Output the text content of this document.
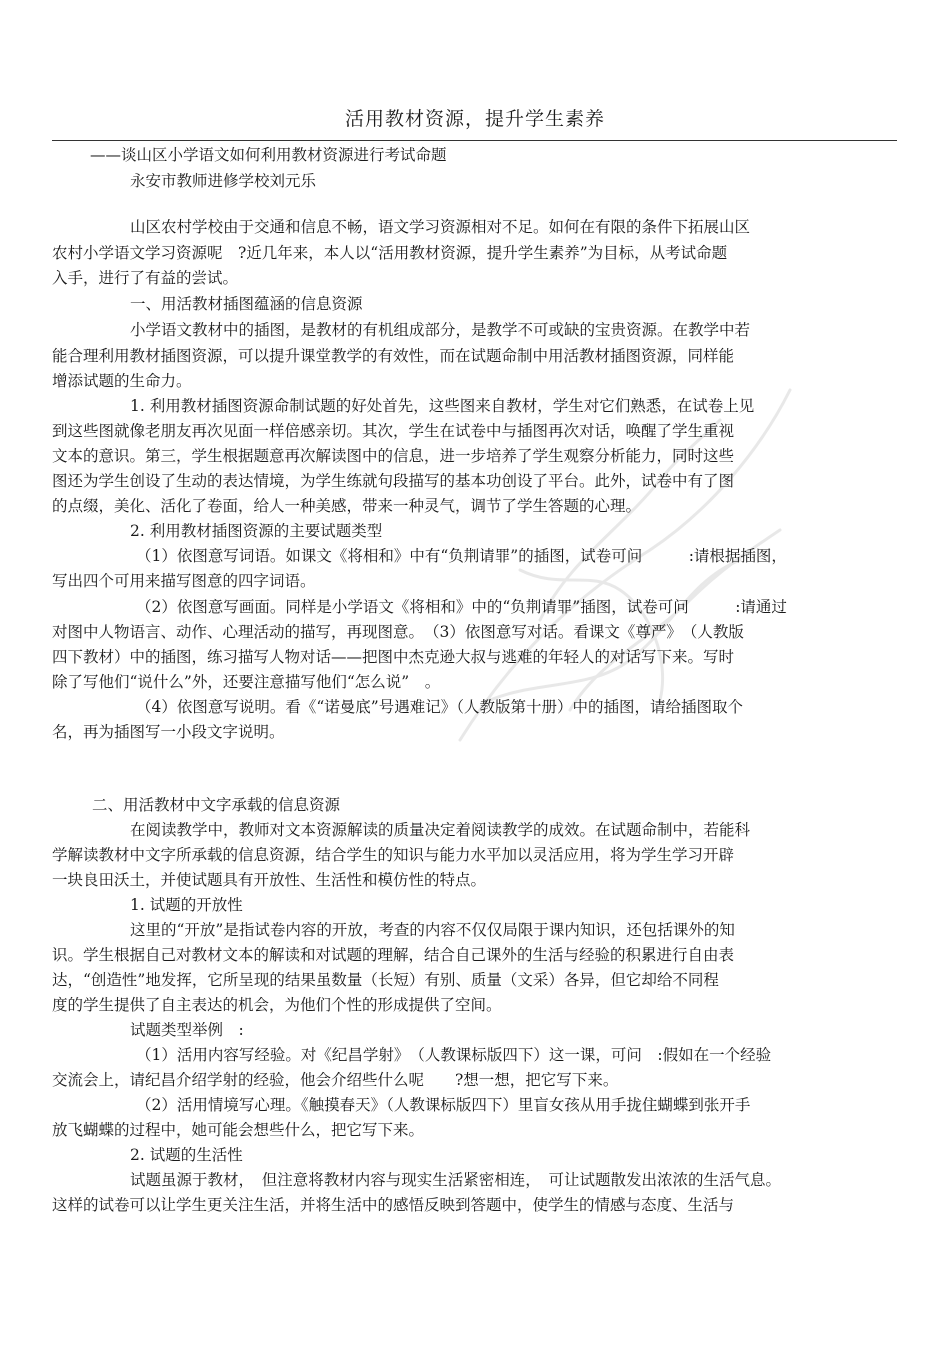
活用教材资源，提升学生素养
——谈山区小学语文如何利用教材资源进行考试命题
永安市教师进修学校刘元乐
山区农村学校由于交通和信息不畅，语文学习资源相对不足。如何在有限的条件下拓展山区
农村小学语文学习资源呢　?近几年来，本人以“活用教材资源，提升学生素养”为目标，从考试命题
入手，进行了有益的尝试。
一、用活教材插图蕴涵的信息资源
小学语文教材中的插图，是教材的有机组成部分，是教学不可或缺的宝贵资源。在教学中若
能合理利用教材插图资源，可以提升课堂教学的有效性，而在试题命制中用活教材插图资源，同样能
增添试题的生命力。
1. 利用教材插图资源命制试题的好处首先，这些图来自教材，学生对它们熟悉，在试卷上见
到这些图就像老朋友再次见面一样倍感亲切。其次，学生在试卷中与插图再次对话，唤醒了学生重视
文本的意识。第三，学生根据题意再次解读图中的信息，进一步培养了学生观察分析能力，同时这些
图还为学生创设了生动的表达情境，为学生练就句段描写的基本功创设了平台。此外，试卷中有了图
的点缀，美化、活化了卷面，给人一种美感，带来一种灵气，调节了学生答题的心理。
2. 利用教材插图资源的主要试题类型
（1）依图意写词语。如课文《将相和》中有“负荆请罪”的插图，试卷可问　　　:请根据插图，
写出四个可用来描写图意的四字词语。
（2）依图意写画面。同样是小学语文《将相和》中的“负荆请罪”插图，试卷可问　　　:请通过
对图中人物语言、动作、心理活动的描写，再现图意。　（3）依图意写对话。看课文《尊严》　（人教版
四下教材）中的插图，练习描写人物对话——把图中杰克逊大叔与逃难的年轻人的对话写下来。写时
除了写他们“说什么”外，还要注意描写他们“怎么说”　。
（4）依图意写说明。看《“诺曼底”号遇难记》（人教版第十册）中的插图，请给插图取个
名，再为插图写一小段文字说明。
二、用活教材中文字承载的信息资源
在阅读教学中，教师对文本资源解读的质量决定着阅读教学的成效。在试题命制中，若能科
学解读教材中文字所承载的信息资源，结合学生的知识与能力水平加以灵活应用，将为学生学习开辟
一块良田沃土，并使试题具有开放性、生活性和模仿性的特点。
1. 试题的开放性
这里的“开放”是指试卷内容的开放，考查的内容不仅仅局限于课内知识，还包括课外的知
识。学生根据自己对教材文本的解读和对试题的理解，结合自己课外的生活与经验的积累进行自由表
达，“创造性”地发挥，它所呈现的结果虽数量（长短）有别、质量（文采）各异，但它却给不同程
度的学生提供了自主表达的机会，为他们个性的形成提供了空间。
试题类型举例　:
（1）活用内容写经验。对《纪昌学射》　（人教课标版四下）这一课，可问　:假如在一个经验
交流会上，请纪昌介绍学射的经验，他会介绍些什么呢　　?想一想，把它写下来。
（2）活用情境写心理。《触摸春天》（人教课标版四下）里盲女孩从用手拢住蝴蝶到张开手
放飞蝴蝶的过程中，她可能会想些什么，把它写下来。
2. 试题的生活性
试题虽源于教材，　但注意将教材内容与现实生活紧密相连，　可让试题散发出浓浓的生活气息。
这样的试卷可以让学生更关注生活，并将生活中的感悟反映到答题中，使学生的情感与态度、生活与
